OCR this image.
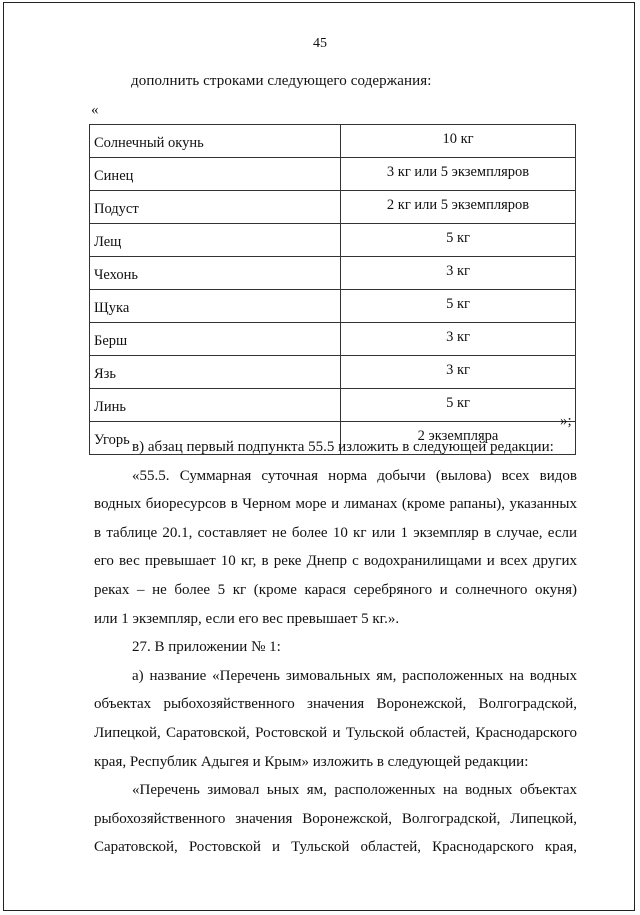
45
дополнить строками следующего содержания:
«
Солнечный окунь	10 кг
Синец	3 кг или 5 экземпляров
Подуст	2 кг или 5 экземпляров
Лещ	5 кг
Чехонь	3 кг
Щука	5 кг
Берш	3 кг
Язь	3 кг
Линь	5 кг
Угорь	2 экземпляра
»;
в) абзац первый подпункта 55.5 изложить в следующей редакции:
«55.5. Суммарная суточная норма добычи (вылова) всех видов
водных биоресурсов в Черном море и лиманах (кроме рапаны), указанных
в таблице 20.1, составляет не более 10 кг или 1 экземпляр в случае, если
его вес превышает 10 кг, в реке Днепр с водохранилищами и всех других
реках – не более 5 кг (кроме карася серебряного и солнечного окуня)
или 1 экземпляр, если его вес превышает 5 кг.».
27. В приложении № 1:
а) название «Перечень зимовальных ям, расположенных на водных
объектах рыбохозяйственного значения Воронежской, Волгоградской,
Липецкой, Саратовской, Ростовской и Тульской областей, Краснодарского
края, Республик Адыгея и Крым» изложить в следующей редакции:
«Перечень зимовал ьных ям, расположенных на водных объектах
рыбохозяйственного значения Воронежской, Волгоградской, Липецкой,
Саратовской, Ростовской и Тульской областей, Краснодарского края,
